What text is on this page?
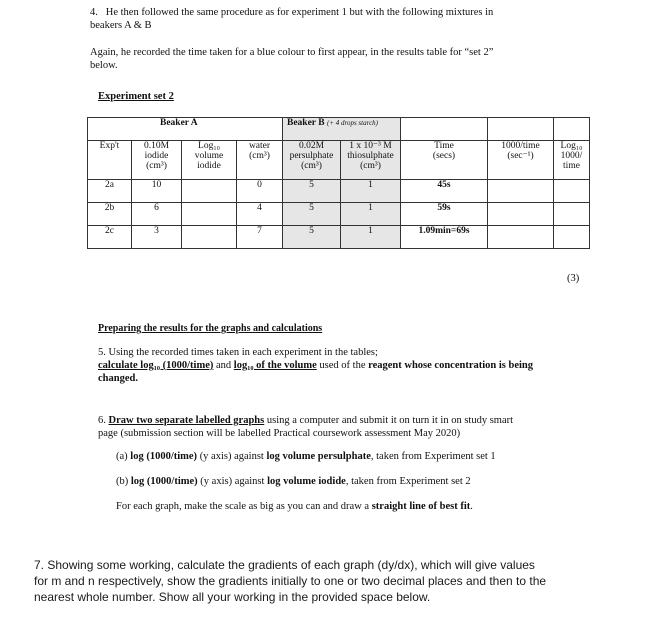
4. He then followed the same procedure as for experiment 1 but with the following mixtures in
beakers A & B
Again, he recorded the time taken for a blue colour to first appear, in the results table for “set 2”
below.
Experiment set 2
Beaker A				Beaker B (+ 4 drops starch)				
Exp't	0.10M
iodide
(cm³)	Log₁₀
volume
iodide	water
(cm³)	0.02M
persulphate
(cm³)	1 x 10⁻³ M
thiosulphate
(cm³)	Time
(secs)	1000/time
(sec⁻¹)	Log₁₀
1000/
time
2a	10		0	5	1	45s		
2b	6		4	5	1	59s		
2c	3		7	5	1	1.09min=69s		
(3)
Preparing the results for the graphs and calculations
5. Using the recorded times taken in each experiment in the tables;
calculate log₁₀ (1000/time) and log₁₀ of the volume used of the reagent whose concentration is being
changed.
6. Draw two separate labelled graphs using a computer and submit it on turn it in on study smart
page (submission section will be labelled Practical coursework assessment May 2020)
(a) log (1000/time) (y axis) against log volume persulphate, taken from Experiment set 1
(b) log (1000/time) (y axis) against log volume iodide, taken from Experiment set 2
For each graph, make the scale as big as you can and draw a straight line of best fit.
7. Showing some working, calculate the gradients of each graph (dy/dx), which will give values
for m and n respectively, show the gradients initially to one or two decimal places and then to the
nearest whole number. Show all your working in the provided space below.
